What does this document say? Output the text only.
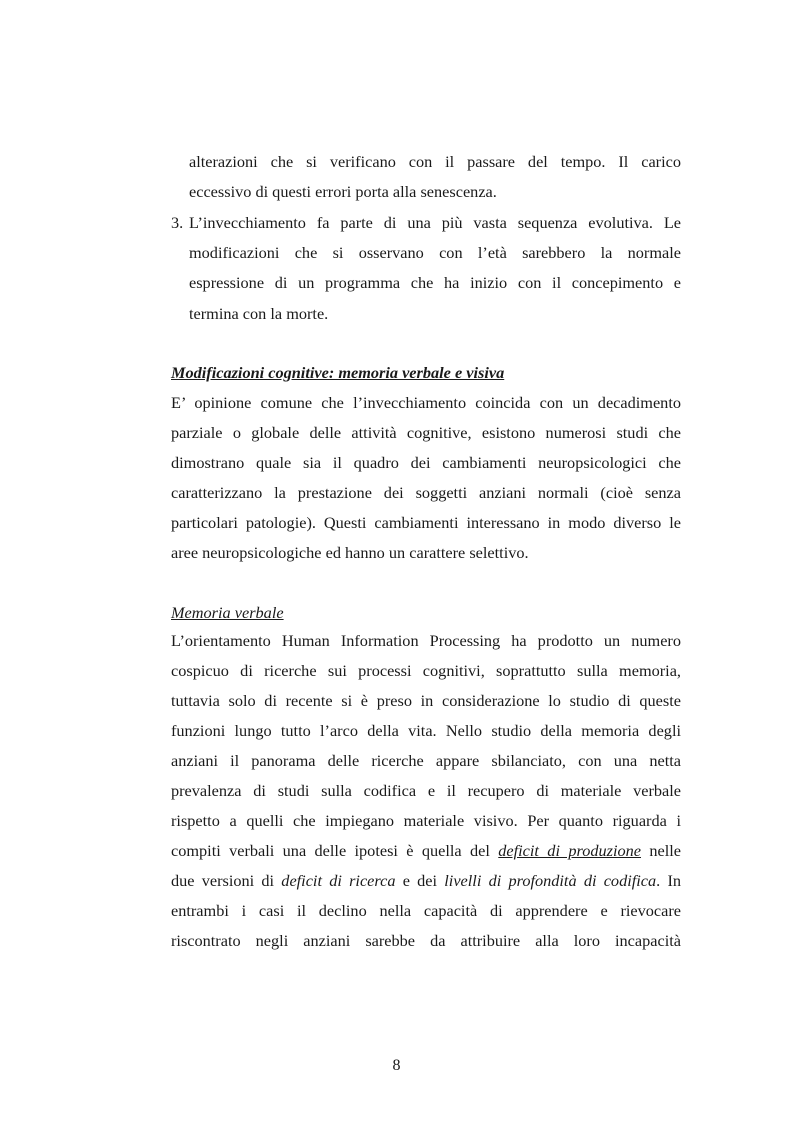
alterazioni che si verificano con il passare del tempo. Il carico
eccessivo di questi errori porta alla senescenza.
3. L’invecchiamento fa parte di una più vasta sequenza evolutiva. Le
modificazioni che si osservano con l’età sarebbero la normale
espressione di un programma che ha inizio con il concepimento e
termina con la morte.
Modificazioni cognitive: memoria verbale e visiva
E’ opinione comune che l’invecchiamento coincida con un decadimento
parziale o globale delle attività cognitive, esistono numerosi studi che
dimostrano quale sia il quadro dei cambiamenti neuropsicologici che
caratterizzano la prestazione dei soggetti anziani normali (cioè senza
particolari patologie). Questi cambiamenti interessano in modo diverso le
aree neuropsicologiche ed hanno un carattere selettivo.
Memoria verbale
L’orientamento Human Information Processing ha prodotto un numero
cospicuo di ricerche sui processi cognitivi, soprattutto sulla memoria,
tuttavia solo di recente si è preso in considerazione lo studio di queste
funzioni lungo tutto l’arco della vita. Nello studio della memoria degli
anziani il panorama delle ricerche appare sbilanciato, con una netta
prevalenza di studi sulla codifica e il recupero di materiale verbale
rispetto a quelli che impiegano materiale visivo. Per quanto riguarda i
compiti verbali una delle ipotesi è quella del deficit di produzione nelle
due versioni di deficit di ricerca e dei livelli di profondità di codifica. In
entrambi i casi il declino nella capacità di apprendere e rievocare
riscontrato negli anziani sarebbe da attribuire alla loro incapacità
8
